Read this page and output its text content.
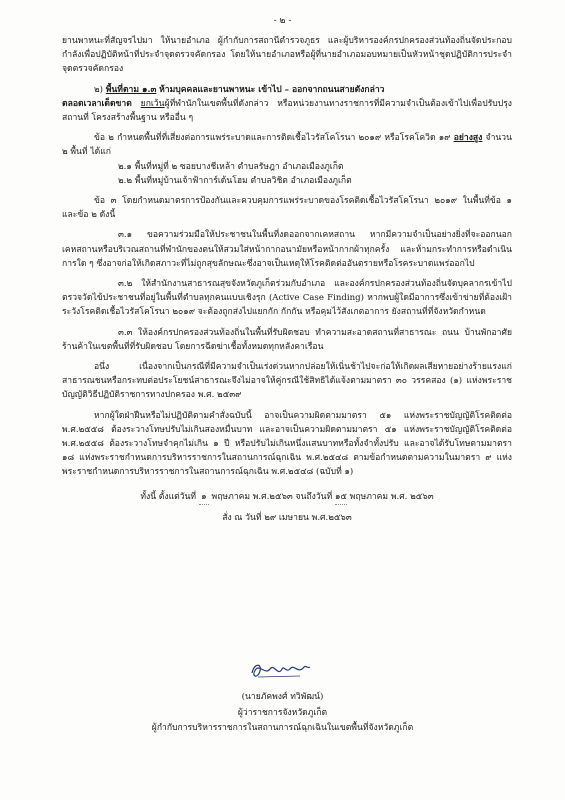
- ๒ -

ยานพาหนะที่สัญจรไปมา ให้นายอำเภอ ผู้กำกับการสถานีตำรวจภูธร และผู้บริหารองค์กรปกครองส่วนท้องถิ่นจัดประกอบกำลังเพื่อปฏิบัติหน้าที่ประจำจุดตรวจคัดกรอง โดยให้นายอำเภอหรือผู้ที่นายอำเภอมอบหมายเป็นหัวหน้าชุดปฏิบัติการประจำจุดตรวจคัดกรอง

๒) พื้นที่ตาม ๑.๓ ห้ามบุคคลและยานพาหนะ เข้าไป – ออกจากถนนสายดังกล่าว
ตลอดเวลาเด็ดขาด ยกเว้นผู้ที่พำนักในเขตพื้นที่ดังกล่าว หรือหน่วยงานทางราชการที่มีความจำเป็นต้องเข้าไปเพื่อปรับปรุงสถานที่ โครงสร้างพื้นฐาน หรืออื่น ๆ

ข้อ ๒ กำหนดพื้นที่ที่เสี่ยงต่อการแพร่ระบาดและการติดเชื้อไวรัสโคโรนา ๒๐๑๙ หรือโรคโควิด ๑๙ อย่างสูง จำนวน ๒ พื้นที่ ได้แก่

๒.๑ พื้นที่หมู่ที่ ๒ ซอยบางชีเหล้า ตำบลรัษฎา อำเภอเมืองภูเก็ต

๒.๒ พื้นที่หมู่บ้านเจ้าฟ้าการ์เด้นโฮม ตำบลวิชิต อำเภอเมืองภูเก็ต

ข้อ ๓ โดยกำหนดมาตรการป้องกันและควบคุมการแพร่ระบาดของโรคติดเชื้อไวรัสโคโรนา ๒๐๑๙ ในพื้นที่ข้อ ๑ และข้อ ๒ ดังนี้

๓.๑ ขอความร่วมมือให้ประชาชนในพื้นที่งดออกจากเคหสถาน หากมีความจำเป็นอย่างยิ่งที่จะออกนอกเคหสถานหรือบริเวณสถานที่พำนักของตนให้สวมใส่หน้ากากอนามัยหรือหน้ากากผ้าทุกครั้ง และห้ามกระทำการหรือดำเนินการใด ๆ ซึ่งอาจก่อให้เกิดสภาวะที่ไม่ถูกสุขลักษณะซึ่งอาจเป็นเหตุให้โรคติดต่ออันตรายหรือโรคระบาดแพร่ออกไป

๓.๒ ให้สำนักงานสาธารณสุขจังหวัดภูเก็ตร่วมกับอำเภอ และองค์กรปกครองส่วนท้องถิ่นจัดบุคลากรเข้าไปตรวจวัดไข้ประชาชนที่อยู่ในพื้นที่ตำบลทุกคนแบบเชิงรุก (Active Case Finding) หากพบผู้ใดมีอาการซึ่งเข้าข่ายที่ต้องเฝ้าระวังโรคติดเชื้อไวรัสโคโรนา ๒๐๑๙ จะต้องถูกส่งไปแยกกัก กักกัน หรือคุมไว้สังเกตอาการ ยังสถานที่ที่จังหวัดกำหนด

๓.๓ ให้องค์กรปกครองส่วนท้องถิ่นในพื้นที่รับผิดชอบ ทำความสะอาดสถานที่สาธารณะ ถนน บ้านพักอาศัย ร้านค้าในเขตพื้นที่ที่รับผิดชอบ โดยการฉีดฆ่าเชื้อทั้งหมดทุกหลังคาเรือน

อนึ่ง เนื่องจากเป็นกรณีที่มีความจำเป็นเร่งด่วนหากปล่อยให้เนิ่นช้าไปจะก่อให้เกิดผลเสียหายอย่างร้ายแรงแก่สาธารณชนหรือกระทบต่อประโยชน์สาธารณะจึงไม่อาจให้คู่กรณีใช้สิทธิได้แจ้งตามมาตรา ๓๐ วรรคสอง (๑) แห่งพระราชบัญญัติวิธีปฏิบัติราชการทางปกครอง พ.ศ. ๒๕๓๙

หากผู้ใดฝ่าฝืนหรือไม่ปฏิบัติตามคำสั่งฉบับนี้ อาจเป็นความผิดตามมาตรา ๕๑ แห่งพระราชบัญญัติโรคติดต่อ พ.ศ.๒๕๕๘ ต้องระวางโทษปรับไม่เกินสองหมื่นบาท และอาจเป็นความผิดตามมาตรา ๕๑ แห่งพระราชบัญญัติโรคติดต่อ พ.ศ.๒๕๕๘ ต้องระวางโทษจำคุกไม่เกิน ๑ ปี หรือปรับไม่เกินหนึ่งแสนบาทหรือทั้งจำทั้งปรับ และอาจได้รับโทษตามมาตรา ๑๘ แห่งพระราชกำหนดการบริหารราชการในสถานการณ์ฉุกเฉิน พ.ศ.๒๕๔๘ ตามข้อกำหนดตามความในมาตรา ๙ แห่งพระราชกำหนดการบริหารราชการในสถานการณ์ฉุกเฉิน พ.ศ.๒๕๔๘ (ฉบับที่ ๑)

ทั้งนี้ ตั้งแต่วันที่ ๑ พฤษภาคม พ.ศ.๒๕๖๓ จนถึงวันที่ ๑๕ พฤษภาคม พ.ศ. ๒๕๖๓

สั่ง ณ วันที่ ๒๙ เมษายน พ.ศ.๒๕๖๓

(นายภัคพงศ์ ทวิพัฒน์)
ผู้ว่าราชการจังหวัดภูเก็ต
ผู้กำกับการบริหารราชการในสถานการณ์ฉุกเฉินในเขตพื้นที่จังหวัดภูเก็ต
